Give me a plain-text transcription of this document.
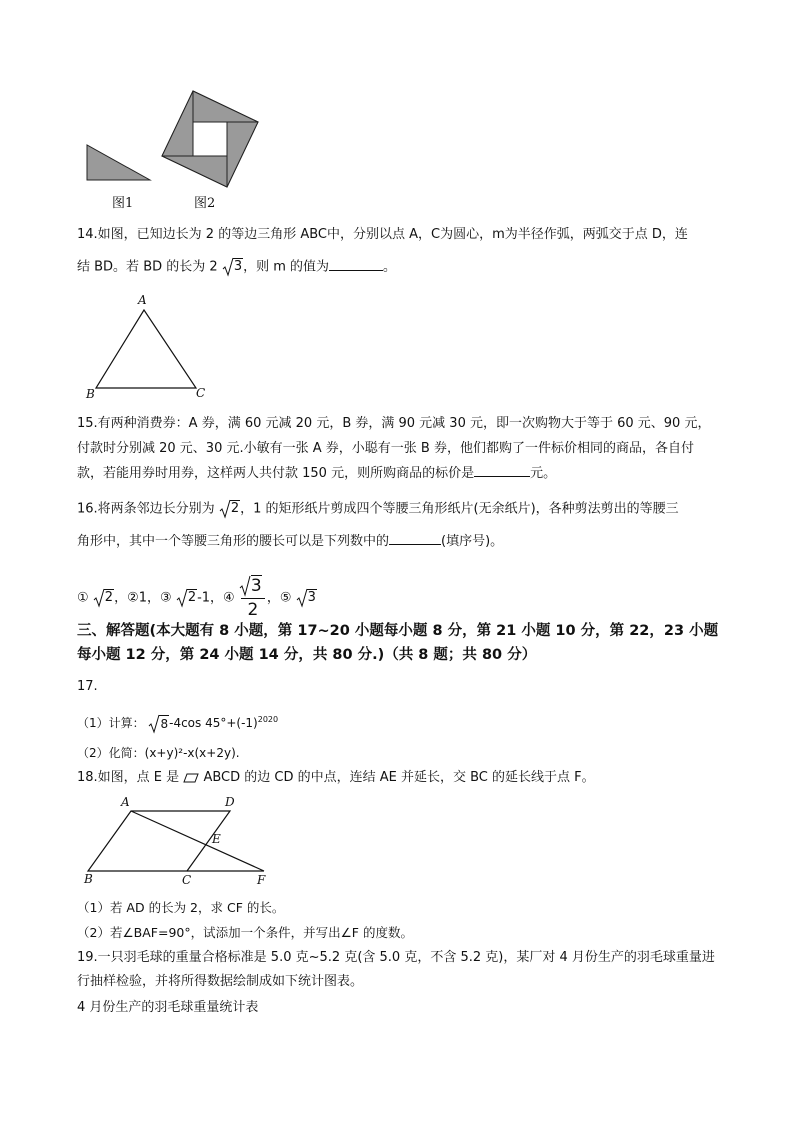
图1	图2
14.如图，已知边长为 2 的等边三角形 ABC中，分别以点 A，C为圆心，m为半径作弧，两弧交于点 D，连
结 BD。若 BD 的长为 2 3，则 m 的值为	。
A
B	C
15.有两种消费券：A 券，满 60 元减 20 元，B 券，满 90 元减 30 元，即一次购物大于等于 60 元、90 元，
付款时分别减 20 元、30 元.小敏有一张 A 券，小聪有一张 B 券，他们都购了一件标价相同的商品，各自付
款，若能用券时用券，这样两人共付款 150 元，则所购商品的标价是	元。
16.将两条邻边长分别为 2，1 的矩形纸片剪成四个等腰三角形纸片(无余纸片)，各种剪法剪出的等腰三
角形中，其中一个等腰三角形的腰长可以是下列数中的	(填序号)。
① 2，②1，③ 2-1，④
3
2
，⑤ 3
三、解答题(本大题有 8 小题，第 17~20 小题每小题 8 分，第 21 小题 10 分，第 22，23 小题
每小题 12 分，第 24 小题 14 分，共 80 分.)（共 8 题；共 80 分）
17.
（1）计算： 8-4cos $45^\circ+(-1)^{2020}$
（2）化简：(x+y)²-x(x+2y).
18.如图，点 E 是 ABCD 的边 CD 的中点，连结 AE 并延长，交 BC 的延长线于点 F。
A	D
E
B	C	F
（1）若 AD 的长为 2，求 CF 的长。
（2）若∠BAF=90°，试添加一个条件，并写出∠F 的度数。
19.一只羽毛球的重量合格标准是 5.0 克~5.2 克(含 5.0 克，不含 5.2 克)，某厂对 4 月份生产的羽毛球重量进
行抽样检验，并将所得数据绘制成如下统计图表。
4 月份生产的羽毛球重量统计表
